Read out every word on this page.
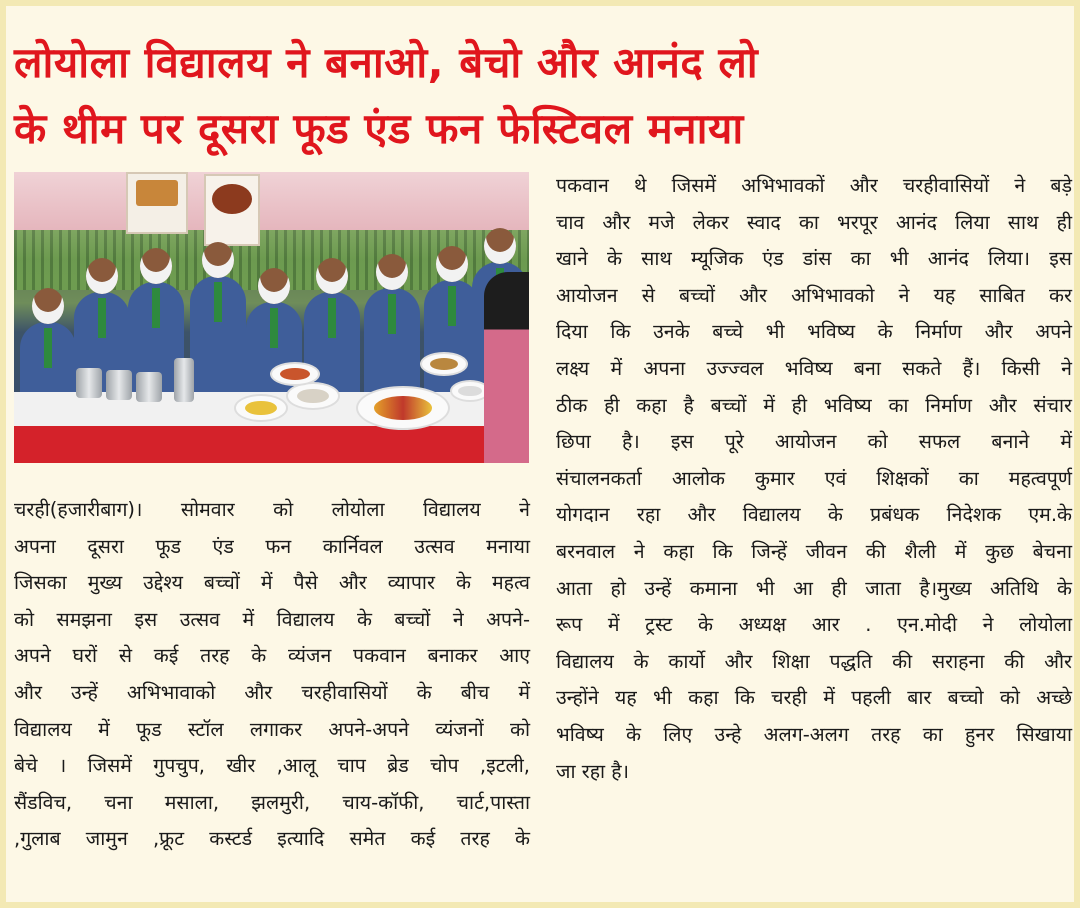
लोयोला विद्यालय ने बनाओ, बेचो और आनंद लो
के थीम पर दूसरा फूड एंड फन फेस्टिवल मनाया

चरही(हजारीबाग)। सोमवार को लोयोला विद्यालय ने

अपना दूसरा फूड एंड फन कार्निवल उत्सव मनाया

जिसका मुख्य उद्देश्य बच्चों में पैसे और व्यापार के महत्व

को समझना इस उत्सव में विद्यालय के बच्चों ने अपने-

अपने घरों से कई तरह के व्यंजन पकवान बनाकर आए

और उन्हें अभिभावाको और चरहीवासियों के बीच में

विद्यालय में फूड स्टॉल लगाकर अपने-अपने व्यंजनों को

बेचे । जिसमें गुपचुप, खीर ,आलू चाप ब्रेड चोप ,इटली,

सैंडविच, चना मसाला, झलमुरी, चाय-कॉफी, चार्ट,पास्ता

,गुलाब जामुन ,फ्रूट कस्टर्ड इत्यादि समेत कई तरह के

पकवान थे जिसमें अभिभावकों और चरहीवासियों ने बड़े

चाव और मजे लेकर स्वाद का भरपूर आनंद लिया साथ ही

खाने के साथ म्यूजिक एंड डांस का भी आनंद लिया। इस

आयोजन से बच्चों और अभिभावको ने यह साबित कर

दिया कि उनके बच्चे भी भविष्य के निर्माण और अपने

लक्ष्य में अपना उज्ज्वल भविष्य बना सकते हैं। किसी ने

ठीक ही कहा है बच्चों में ही भविष्य का निर्माण और संचार

छिपा है। इस पूरे आयोजन को सफल बनाने में

संचालनकर्ता आलोक कुमार एवं शिक्षकों का महत्वपूर्ण

योगदान रहा और विद्यालय के प्रबंधक निदेशक एम.के

बरनवाल ने कहा कि जिन्हें जीवन की शैली में कुछ बेचना

आता हो उन्हें कमाना भी आ ही जाता है।मुख्य अतिथि के

रूप में ट्रस्ट के अध्यक्ष आर . एन.मोदी ने लोयोला

विद्यालय के कार्यो और शिक्षा पद्धति की सराहना की और

उन्होंने यह भी कहा कि चरही में पहली बार बच्चो को अच्छे

भविष्य के लिए उन्हे अलग-अलग तरह का हुनर सिखाया

जा रहा है।
